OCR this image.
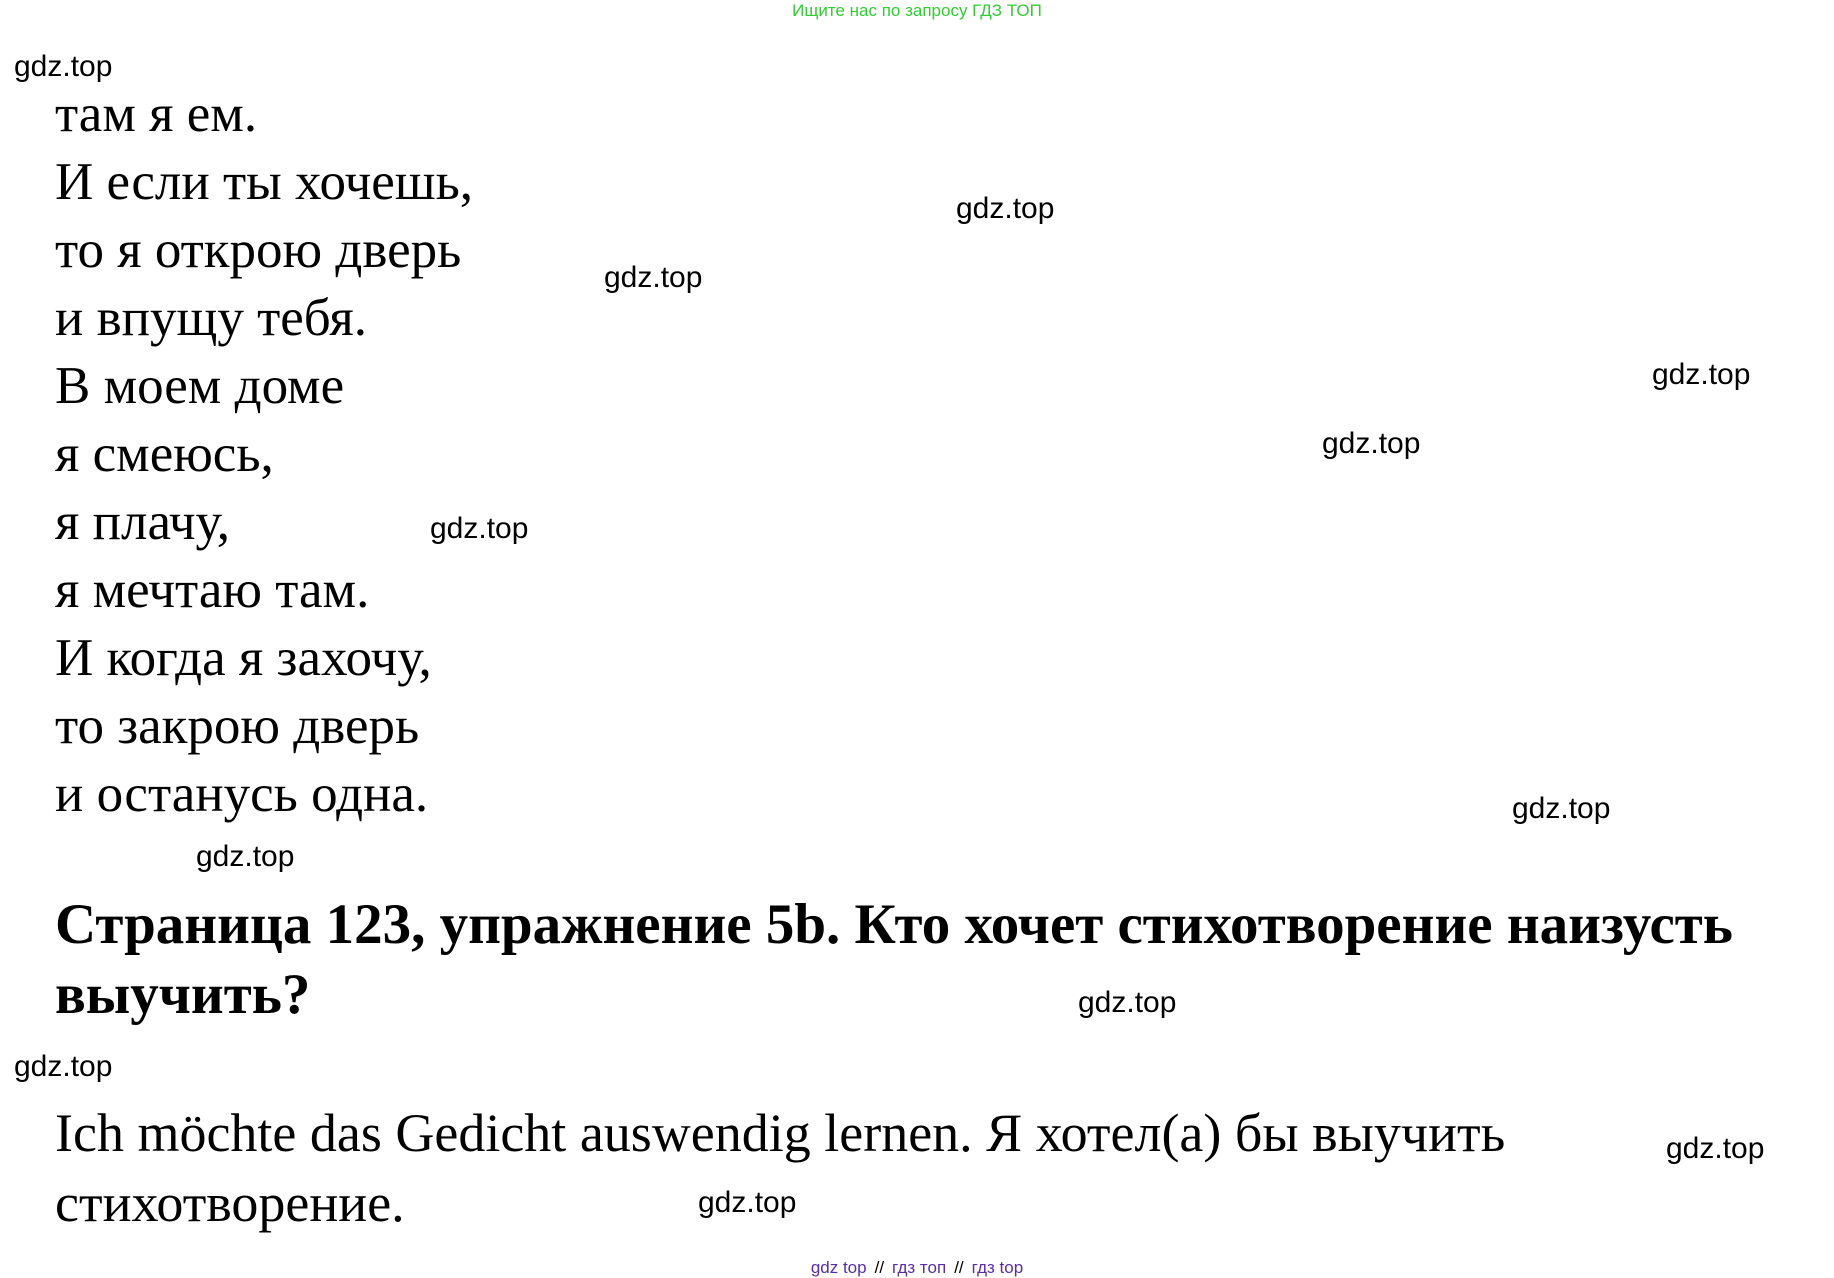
Ищите нас по запросу ГДЗ ТОП
там я ем.
И если ты хочешь,
то я открою дверь
и впущу тебя.
В моем доме
я смеюсь,
я плачу,
я мечтаю там.
И когда я захочу,
то закрою дверь
и останусь одна.
Страница 123, упражнение 5b. Кто хочет стихотворение наизусть выучить?

Ich möchte das Gedicht auswendig lernen. Я хотел(а) бы выучить стихотворение.

gdz.top
gdz.top
gdz.top
gdz.top
gdz.top
gdz.top
gdz.top
gdz.top
gdz.top
gdz.top
gdz.top
gdz.top
gdz top // гдз топ // гдз top
